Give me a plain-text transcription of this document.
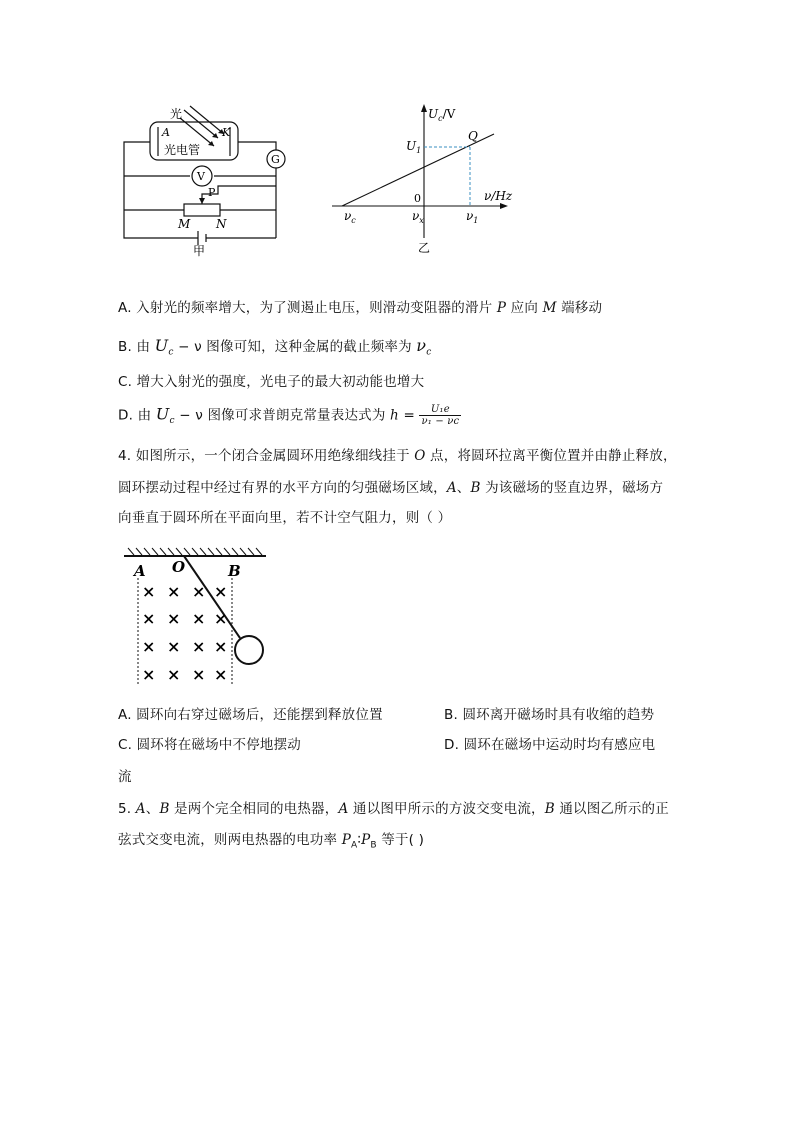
光
A	K
光电管
G
V
P
M N
甲
$U_c/V$
ν/Hz
0
$U_1$
Q
$\nu_c$	$\nu_x$	$\nu_1$
乙
A. 入射光的频率增大，为了测遏止电压，则滑动变阻器的滑片 P 应向 M 端移动
B. 由 $U_c - \nu$ 图像可知，这种金属的截止频率为 $\nu_c$
C. 增大入射光的强度，光电子的最大初动能也增大
D. 由 $U_c - \nu$ 图像可求普朗克常量表达式为 $h = \frac{\text{U₁e}}{\text{ν₁ − νc}}$
4. 如图所示，一个闭合金属圆环用绝缘细线挂于 O 点，将圆环拉离平衡位置并由静止释放，
圆环摆动过程中经过有界的水平方向的匀强磁场区域，A、B 为该磁场的竖直边界，磁场方
向垂直于圆环所在平面向里，若不计空气阻力，则（ ）
× × × ×
× × × ×
× × × ×
× × × ×
A O	B
A. 圆环向右穿过磁场后，还能摆到释放位置	B. 圆环离开磁场时具有收缩的趋势
C. 圆环将在磁场中不停地摆动	D. 圆环在磁场中运动时均有感应电
流
5. A、B 是两个完全相同的电热器，A 通以图甲所示的方波交变电流，B 通以图乙所示的正
弦式交变电流，则两电热器的电功率 $P_A∶P_B$ 等于( )
